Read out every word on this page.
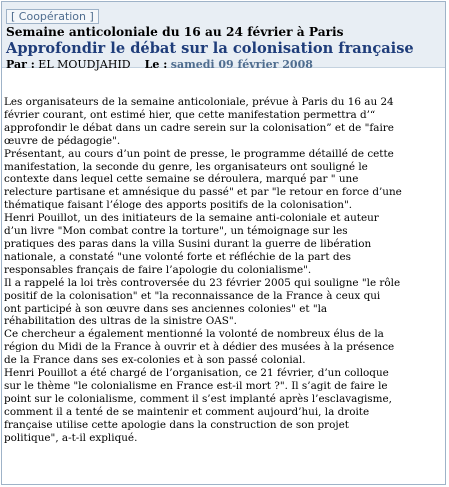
[ Coopération ]
Semaine anticoloniale du 16 au 24 février à Paris
Approfondir le débat sur la colonisation française
Par : EL MOUDJAHID Le : samedi 09 février 2008

Les organisateurs de la semaine anticoloniale, prévue à Paris du 16 au 24

février courant, ont estimé hier, que cette manifestation permettra d’“

approfondir le débat dans un cadre serein sur la colonisation” et de "faire

œuvre de pédagogie".

Présentant, au cours d’un point de presse, le programme détaillé de cette

manifestation, la seconde du genre, les organisateurs ont souligné le

contexte dans lequel cette semaine se déroulera, marqué par " une

relecture partisane et amnésique du passé" et par "le retour en force d’une

thématique faisant l’éloge des apports positifs de la colonisation".

Henri Pouillot, un des initiateurs de la semaine anti-coloniale et auteur

d’un livre "Mon combat contre la torture", un témoignage sur les

pratiques des paras dans la villa Susini durant la guerre de libération

nationale, a constaté "une volonté forte et réfléchie de la part des

responsables français de faire l’apologie du colonialisme".

Il a rappelé la loi très controversée du 23 février 2005 qui souligne "le rôle

positif de la colonisation" et "la reconnaissance de la France à ceux qui

ont participé à son œuvre dans ses anciennes colonies" et "la

réhabilitation des ultras de la sinistre OAS".

Ce chercheur a également mentionné la volonté de nombreux élus de la

région du Midi de la France à ouvrir et à dédier des musées à la présence

de la France dans ses ex-colonies et à son passé colonial.

Henri Pouillot a été chargé de l’organisation, ce 21 février, d’un colloque

sur le thème "le colonialisme en France est-il mort ?". Il s’agit de faire le

point sur le colonialisme, comment il s’est implanté après l’esclavagisme,

comment il a tenté de se maintenir et comment aujourd’hui, la droite

française utilise cette apologie dans la construction de son projet

politique", a-t-il expliqué.
